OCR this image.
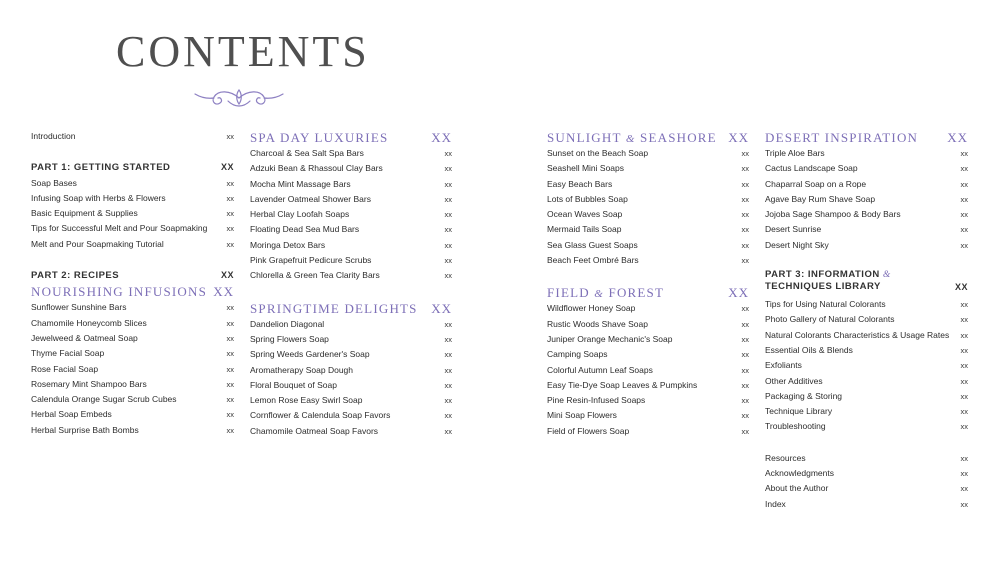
CONTENTS
Introduction	xx
PART 1: GETTING STARTED	XX
Soap Bases	xx
Infusing Soap with Herbs & Flowers	xx
Basic Equipment & Supplies	xx
Tips for Successful Melt and Pour Soapmaking	xx
Melt and Pour Soapmaking Tutorial	xx
PART 2: RECIPES	XX
NOURISHING INFUSIONS XX
Sunflower Sunshine Bars	xx
Chamomile Honeycomb Slices	xx
Jewelweed & Oatmeal Soap	xx
Thyme Facial Soap	xx
Rose Facial Soap	xx
Rosemary Mint Shampoo Bars	xx
Calendula Orange Sugar Scrub Cubes	xx
Herbal Soap Embeds	xx
Herbal Surprise Bath Bombs	xx
SPA DAY LUXURIES	XX
Charcoal & Sea Salt Spa Bars	xx
Adzuki Bean & Rhassoul Clay Bars	xx
Mocha Mint Massage Bars	xx
Lavender Oatmeal Shower Bars	xx
Herbal Clay Loofah Soaps	xx
Floating Dead Sea Mud Bars	xx
Moringa Detox Bars	xx
Pink Grapefruit Pedicure Scrubs	xx
Chlorella & Green Tea Clarity Bars	xx
SPRINGTIME DELIGHTS XX
Dandelion Diagonal	xx
Spring Flowers Soap	xx
Spring Weeds Gardener's Soap	xx
Aromatherapy Soap Dough	xx
Floral Bouquet of Soap	xx
Lemon Rose Easy Swirl Soap	xx
Cornflower & Calendula Soap Favors	xx
Chamomile Oatmeal Soap Favors	xx
SUNLIGHT & SEASHORE XX
Sunset on the Beach Soap	xx
Seashell Mini Soaps	xx
Easy Beach Bars	xx
Lots of Bubbles Soap	xx
Ocean Waves Soap	xx
Mermaid Tails Soap	xx
Sea Glass Guest Soaps	xx
Beach Feet Ombré Bars	xx
FIELD & FOREST	XX
Wildflower Honey Soap	xx
Rustic Woods Shave Soap	xx
Juniper Orange Mechanic's Soap	xx
Camping Soaps	xx
Colorful Autumn Leaf Soaps	xx
Easy Tie-Dye Soap Leaves & Pumpkins	xx
Pine Resin-Infused Soaps	xx
Mini Soap Flowers	xx
Field of Flowers Soap	xx
DESERT INSPIRATION XX
Triple Aloe Bars	xx
Cactus Landscape Soap	xx
Chaparral Soap on a Rope	xx
Agave Bay Rum Shave Soap	xx
Jojoba Sage Shampoo & Body Bars	xx
Desert Sunrise	xx
Desert Night Sky	xx
PART 3: INFORMATION &
TECHNIQUES LIBRARY	XX
Tips for Using Natural Colorants	xx
Photo Gallery of Natural Colorants	xx
Natural Colorants Characteristics & Usage Rates xx
Essential Oils & Blends	xx
Exfoliants	xx
Other Additives	xx
Packaging & Storing	xx
Technique Library	xx
Troubleshooting	xx
Resources	xx
Acknowledgments	xx
About the Author	xx
Index	xx
